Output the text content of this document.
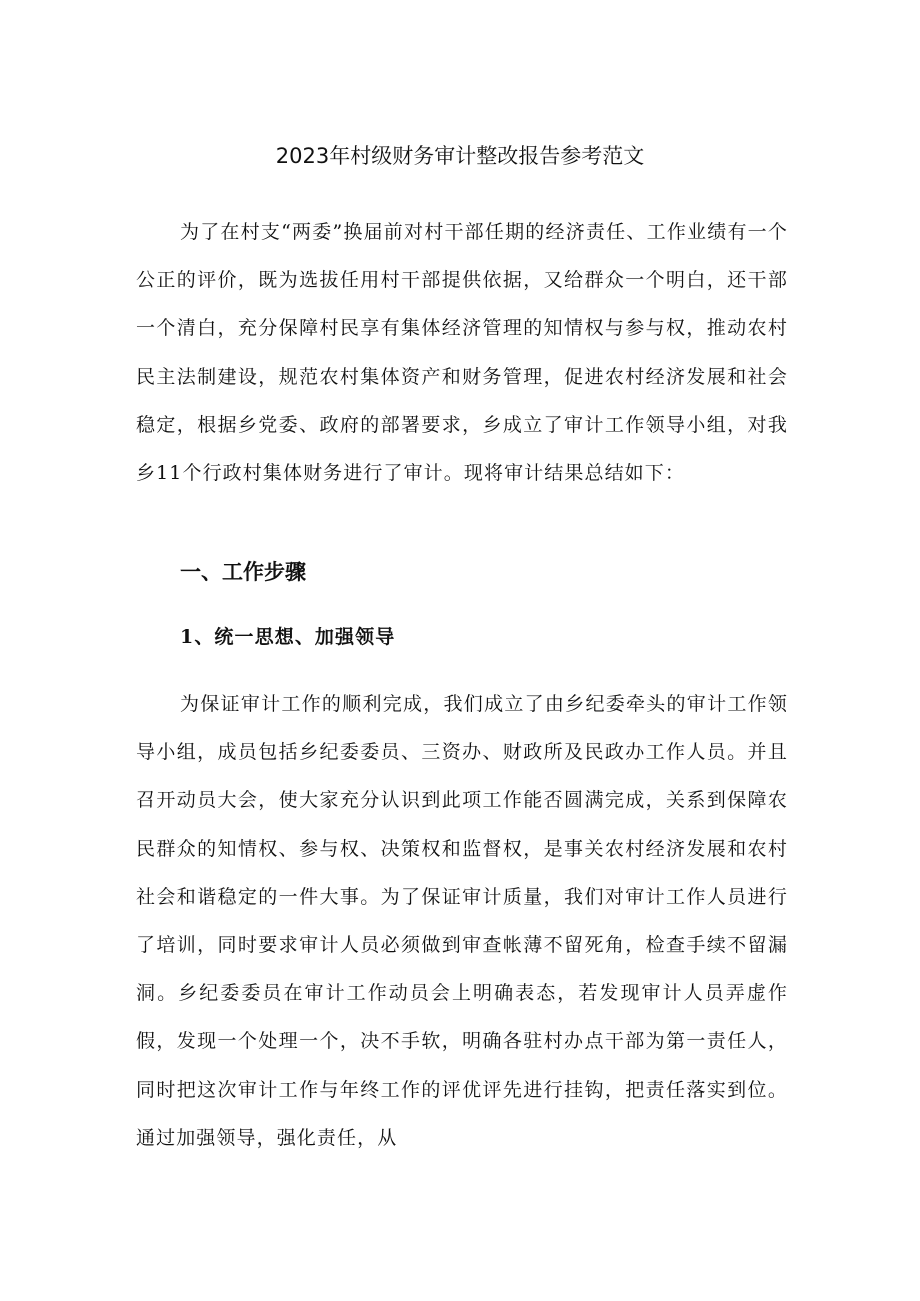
2023年村级财务审计整改报告参考范文

为了在村支“两委”换届前对村干部任期的经济责任、工作业绩有一个公正的评价，既为选拔任用村干部提供依据，又给群众一个明白，还干部一个清白，充分保障村民享有集体经济管理的知情权与参与权，推动农村民主法制建设，规范农村集体资产和财务管理，促进农村经济发展和社会稳定，根据乡党委、政府的部署要求，乡成立了审计工作领导小组，对我乡11个行政村集体财务进行了审计。现将审计结果总结如下：

一、工作步骤
1、统一思想、加强领导

为保证审计工作的顺利完成，我们成立了由乡纪委牵头的审计工作领导小组，成员包括乡纪委委员、三资办、财政所及民政办工作人员。并且召开动员大会，使大家充分认识到此项工作能否圆满完成，关系到保障农民群众的知情权、参与权、决策权和监督权，是事关农村经济发展和农村社会和谐稳定的一件大事。为了保证审计质量，我们对审计工作人员进行了培训，同时要求审计人员必须做到审查帐薄不留死角，检查手续不留漏洞。乡纪委委员在审计工作动员会上明确表态，若发现审计人员弄虚作假，发现一个处理一个，决不手软，明确各驻村办点干部为第一责任人，同时把这次审计工作与年终工作的评优评先进行挂钩，把责任落实到位。通过加强领导，强化责任，从
